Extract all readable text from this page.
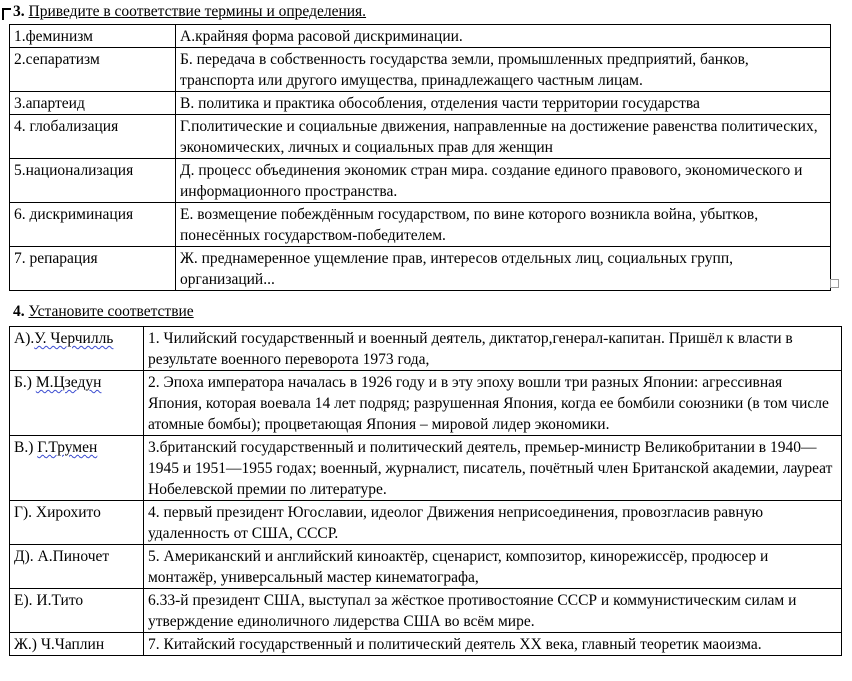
3. Приведите в соответствие термины и определения.
1.феминизм	А.крайняя форма расовой дискриминации.
2.сепаратизм	Б. передача в собственность государства земли, промышленных предприятий, банков, транспорта или другого имущества, принадлежащего частным лицам.
3.апартеид	В. политика и практика обособления, отделения части территории государства
4. глобализация	Г.политические и социальные движения, направленные на достижение равенства политических, экономических, личных и социальных прав для женщин
5.национализация	Д. процесс объединения экономик стран мира. создание единого правового, экономического и информационного пространства.
6. дискриминация	Е. возмещение побеждённым государством, по вине которого возникла война, убытков, понесённых государством-победителем.
7. репарация	Ж. преднамеренное ущемление прав, интересов отдельных лиц, социальных групп, организаций...
4. Установите соответствие
А).У. Черчилль	1. Чилийский государственный и военный деятель, диктатор,генерал-капитан. Пришёл к власти в результате военного переворота 1973 года,
Б.) М.Цзедун	2. Эпоха императора началась в 1926 году и в эту эпоху вошли три разных Японии: агрессивная Япония, которая воевала 14 лет подряд; разрушенная Япония, когда ее бомбили союзники (в том числе атомные бомбы); процветающая Япония – мировой лидер экономики.
В.) Г.Трумен	3.британский государственный и политический деятель, премьер-министр Великобритании в 1940—1945 и 1951—1955 годах; военный, журналист, писатель, почётный член Британской академии, лауреат Нобелевской премии по литературе.
Г). Хирохито	4. первый президент Югославии, идеолог Движения неприсоединения, провозгласив равную удаленность от США, СССР.
Д). А.Пиночет	5. Американский и английский киноактёр, сценарист, композитор, кинорежиссёр, продюсер и монтажёр, универсальный мастер кинематографа,
Е). И.Тито	6.33-й президент США, выступал за жёсткое противостояние СССР и коммунистическим силам и утверждение единоличного лидерства США во всём мире.
Ж.) Ч.Чаплин	7. Китайский государственный и политический деятель XX века, главный теоретик маоизма.
